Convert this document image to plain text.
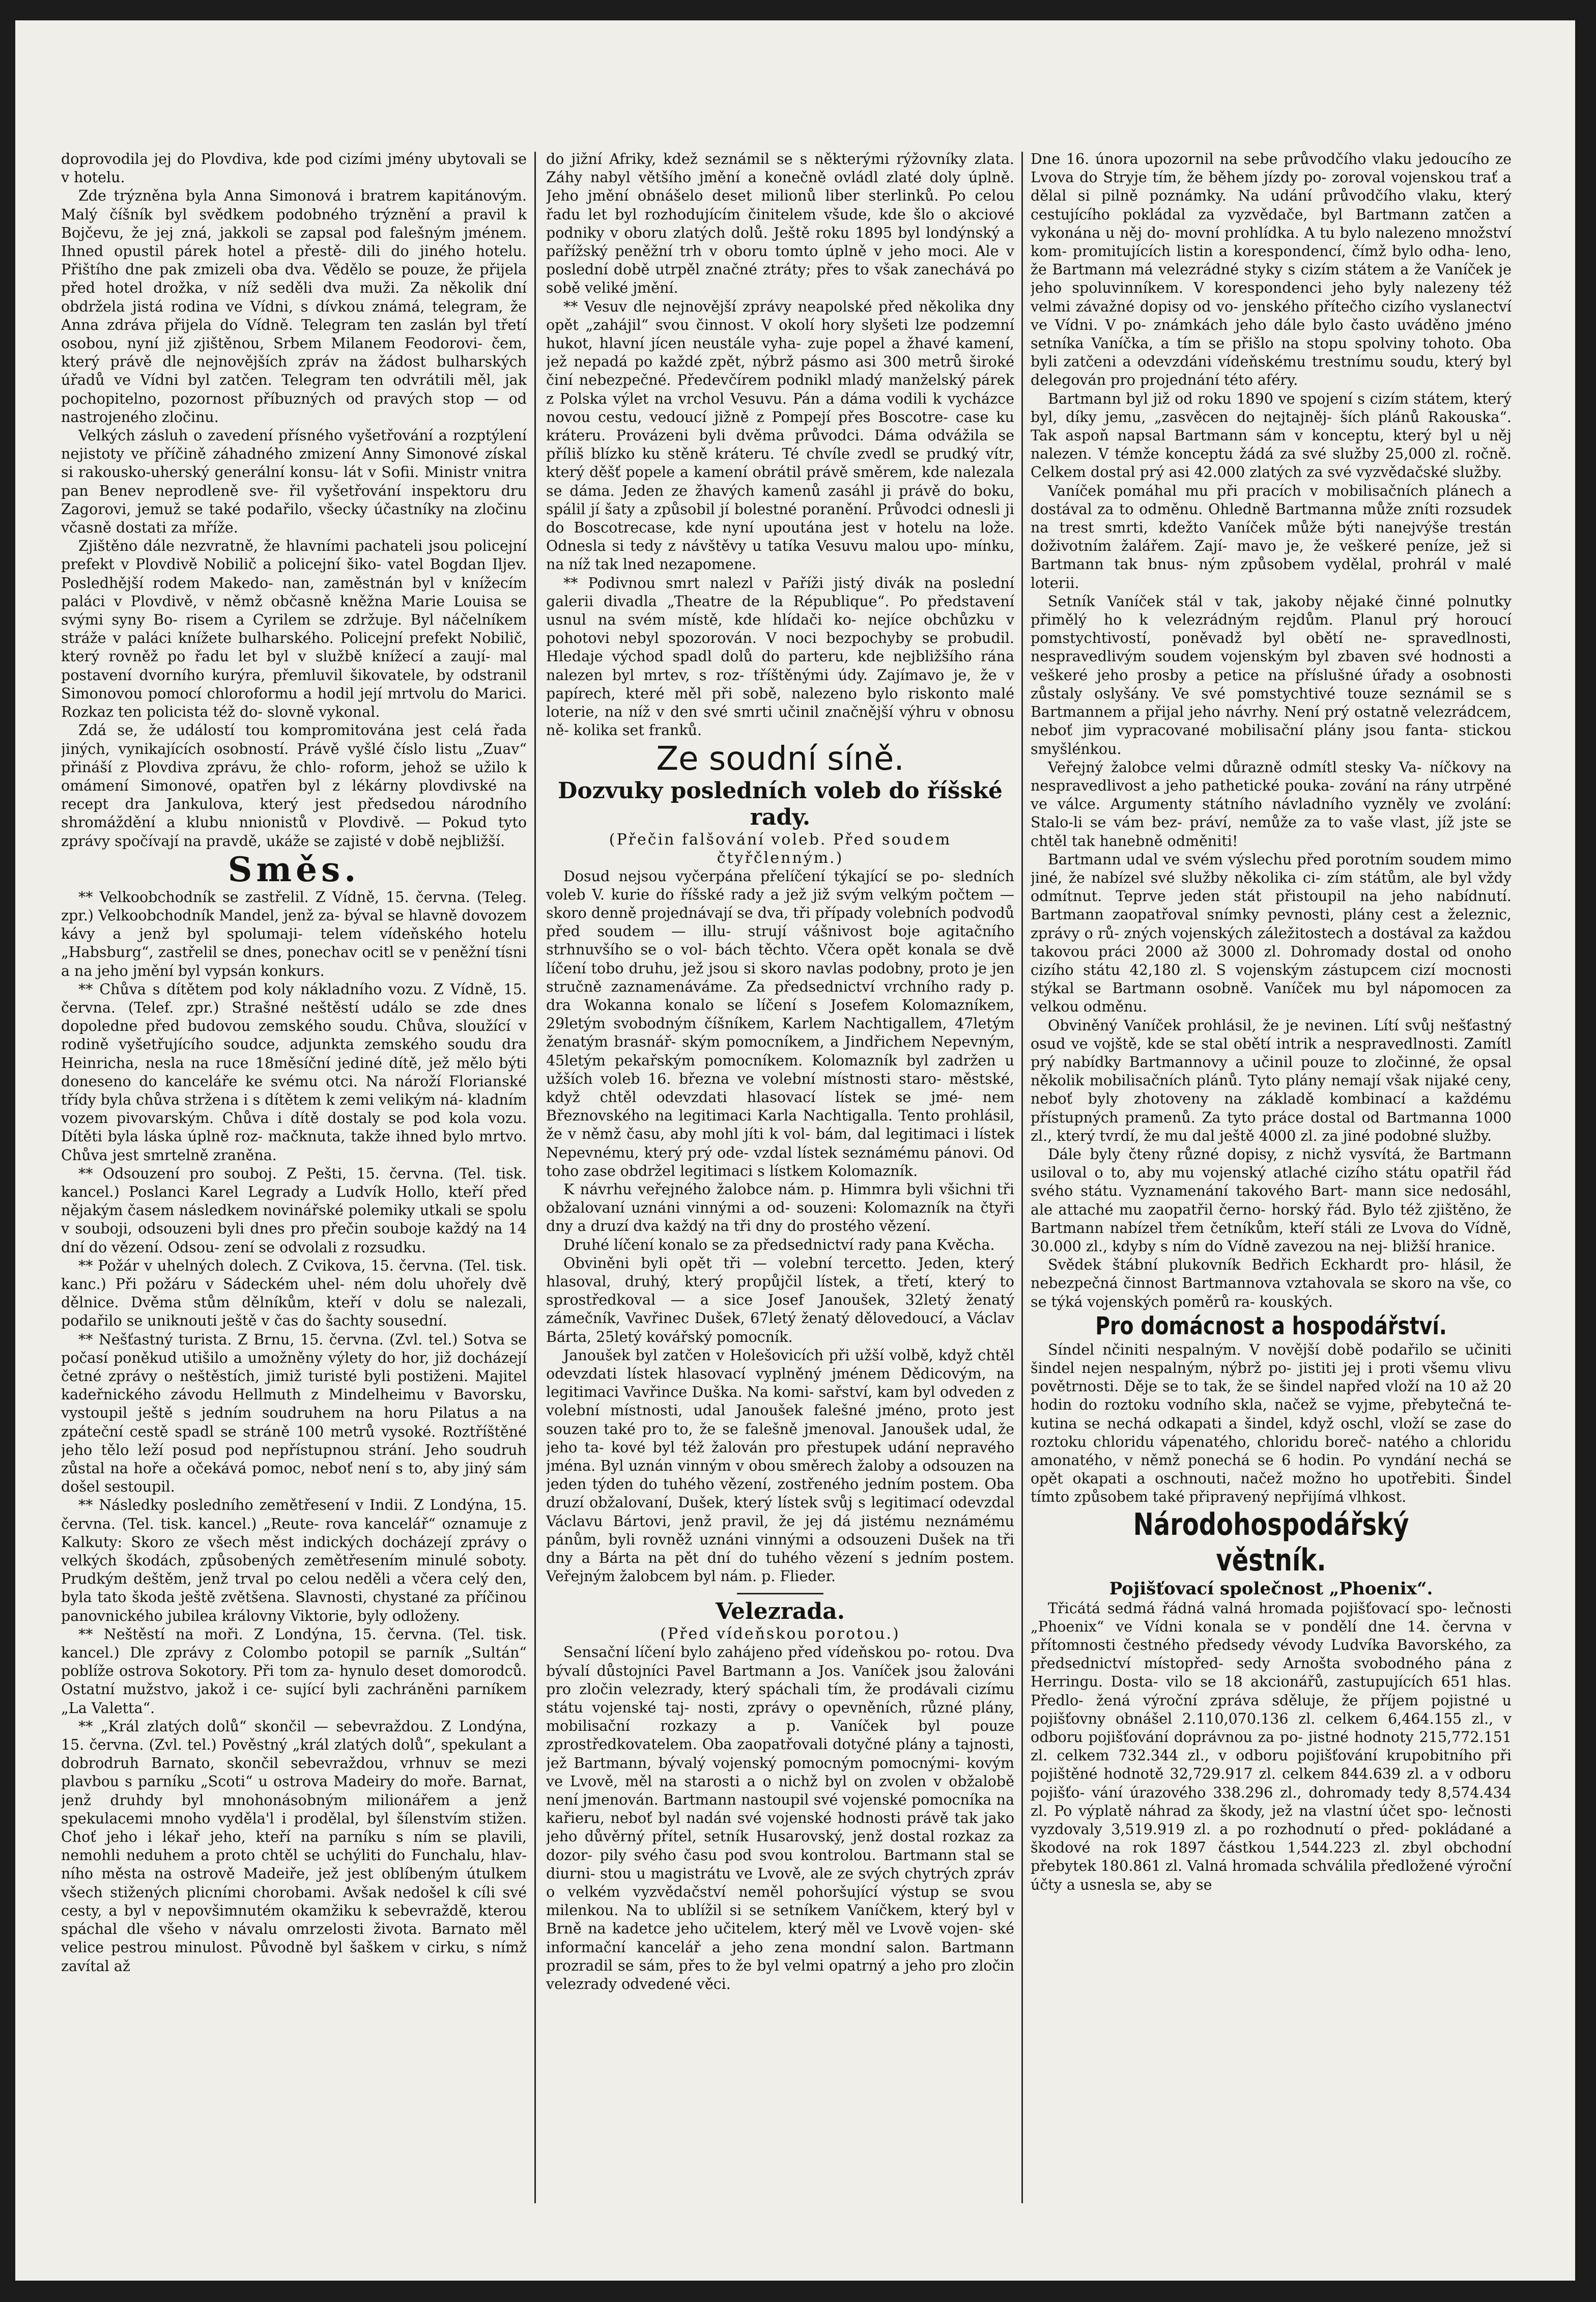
doprovodila jej do Plovdiva, kde pod cizími jmény ubytovali se v hotelu.

Zde trýzněna byla Anna Simonová i bratrem kapitánovým. Malý číšník byl svědkem podobného trýznění a pravil k Bojčevu, že jej zná, jakkoli se zapsal pod falešným jménem. Ihned opustil párek hotel a přestě- dili do jiného hotelu. Přištího dne pak zmizeli oba dva. Vědělo se pouze, že přijela před hotel drožka, v níž seděli dva muži. Za několik dní obdržela jistá rodina ve Vídni, s dívkou známá, telegram, že Anna zdráva přijela do Vídně. Telegram ten zaslán byl třetí osobou, nyní již zjištěnou, Srbem Milanem Feodorovi- čem, který právě dle nejnovějších zpráv na žádost bulharských úřadů ve Vídni byl zatčen. Telegram ten odvrátili měl, jak pochopitelno, pozornost příbuzných od pravých stop — od nastrojeného zločinu.

Velkých zásluh o zavedení přísného vyšetřování a rozptýlení nejistoty ve příčině záhadného zmizení Anny Simonové získal si rakousko-uherský generální konsu- lát v Sofii. Ministr vnitra pan Benev neprodleně sve- řil vyšetřování inspektoru dru Zagorovi, jemuž se také podařilo, všecky účastníky na zločinu včasně dostati za mříže.

Zjištěno dále nezvratně, že hlavními pachateli jsou policejní prefekt v Plovdivě Nobilič a policejní šiko- vatel Bogdan Iljev. Posledhější rodem Makedo- nan, zaměstnán byl v knížecím paláci v Plovdivě, v němž občasně kněžna Marie Louisa se svými syny Bo- risem a Cyrilem se zdržuje. Byl náčelníkem stráže v paláci knížete bulharského. Policejní prefekt Nobilič, který rovněž po řadu let byl v službě knížecí a zaují- mal postavení dvorního kurýra, přemluvil šikovatele, by odstranil Simonovou pomocí chloroformu a hodil její mrtvolu do Marici. Rozkaz ten policista též do- slovně vykonal.

Zdá se, že událostí tou kompromitována jest celá řada jiných, vynikajících osobností. Právě vyšlé číslo listu „Zuav“ přináší z Plovdiva zprávu, že chlo- roform, jehož se užilo k omámení Simonové, opatřen byl z lékárny plovdivské na recept dra Jankulova, který jest předsedou národního shromáždění a klubu nnionistů v Plovdivě. — Pokud tyto zprávy spočívají na pravdě, ukáže se zajisté v době nejbližší.

Směs.

** Velkoobchodník se zastřelil. Z Vídně, 15. června. (Teleg. zpr.) Velkoobchodník Mandel, jenž za- býval se hlavně dovozem kávy a jenž byl spolumaji- telem vídeňského hotelu „Habsburg“, zastřelil se dnes, ponechav ocitl se v peněžní tísni a na jeho jmění byl vypsán konkurs.

** Chůva s dítětem pod koly nákladního vozu. Z Vídně, 15. června. (Telef. zpr.) Strašné neštěstí událo se zde dnes dopoledne před budovou zemského soudu. Chůva, sloužící v rodině vyšetřujícího soudce, adjunkta zemského soudu dra Heinricha, nesla na ruce 18měsíční jediné dítě, jež mělo býti doneseno do kanceláře ke svému otci. Na nároží Florianské třídy byla chůva stržena i s dítětem k zemi velikým ná- kladním vozem pivovarským. Chůva i dítě dostaly se pod kola vozu. Dítěti byla láska úplně roz- mačknuta, takže ihned bylo mrtvo. Chůva jest smrtelně zraněna.

** Odsouzení pro souboj. Z Pešti, 15. června. (Tel. tisk. kancel.) Poslanci Karel Legrady a Ludvík Hollo, kteří před nějakým časem následkem novinářské polemiky utkali se spolu v souboji, odsouzeni byli dnes pro přečin souboje každý na 14 dní do vězení. Odsou- zení se odvolali z rozsudku.

** Požár v uhelných dolech. Z Cvikova, 15. června. (Tel. tisk. kanc.) Při požáru v Sádeckém uhel- ném dolu uhořely dvě dělnice. Dvěma stům dělníkům, kteří v dolu se nalezali, podařilo se uniknouti ještě v čas do šachty sousední.

** Nešťastný turista. Z Brnu, 15. června. (Zvl. tel.) Sotva se počasí poněkud utišilo a umožněny výlety do hor, již docházejí četné zprávy o neštěstích, jimiž turisté byli postiženi. Majitel kadeřnického závodu Hellmuth z Mindelheimu v Bavorsku, vystoupil ještě s jedním soudruhem na horu Pilatus a na zpáteční cestě spadl se stráně 100 metrů vysoké. Roztříštěné jeho tělo leží posud pod nepřístupnou strání. Jeho soudruh zůstal na hoře a očekává pomoc, neboť není s to, aby jiný sám došel sestoupil.

** Následky posledního zemětřesení v Indii. Z Londýna, 15. června. (Tel. tisk. kancel.) „Reute- rova kancelář“ oznamuje z Kalkuty: Skoro ze všech měst indických docházejí zprávy o velkých škodách, způsobených zemětřesením minulé soboty. Prudkým deštěm, jenž trval po celou neděli a včera celý den, byla tato škoda ještě zvětšena. Slavnosti, chystané za příčinou panovnického jubilea královny Viktorie, byly odloženy.

** Neštěstí na moři. Z Londýna, 15. června. (Tel. tisk. kancel.) Dle zprávy z Colombo potopil se parník „Sultán“ poblíže ostrova Sokotory. Při tom za- hynulo deset domorodců. Ostatní mužstvo, jakož i ce- sující byli zachráněni parníkem „La Valetta“.

** „Král zlatých dolů“ skončil — sebevraždou. Z Londýna, 15. června. (Zvl. tel.) Pověstný „král zlatých dolů“, spekulant a dobrodruh Barnato, skončil sebevraždou, vrhnuv se mezi plavbou s parníku „Scoti“ u ostrova Madeiry do moře. Barnat, jenž druhdy byl mnohonásobným milionářem a jenž spekulacemi mnoho vyděla'l i prodělal, byl šílenstvím stižen. Choť jeho i lékař jeho, kteří na parníku s ním se plavili, nemohli neduhem a proto chtěl se uchýliti do Funchalu, hlav- ního města na ostrově Madeiře, jež jest oblíbeným útulkem všech stižených plicními chorobami. Avšak nedošel k cíli své cesty, a byl v nepovšimnutém okamžiku k sebevraždě, kterou spáchal dle všeho v návalu omrzelosti života. Barnato měl velice pestrou minulost. Původně byl šaškem v cirku, s nímž zavítal až

do jižní Afriky, kdež seznámil se s některými rýžovníky zlata. Záhy nabyl většího jmění a konečně ovládl zlaté doly úplně. Jeho jmění obnášelo deset milionů liber sterlinků. Po celou řadu let byl rozhodujícím činitelem všude, kde šlo o akciové podniky v oboru zlatých dolů. Ještě roku 1895 byl londýnský a pařížský peněžní trh v oboru tomto úplně v jeho moci. Ale v poslední době utrpěl značné ztráty; přes to však zanechává po sobě veliké jmění.

** Vesuv dle nejnovější zprávy neapolské před několika dny opět „zahájil“ svou činnost. V okolí hory slyšeti lze podzemní hukot, hlavní jícen neustále vyha- zuje popel a žhavé kamení, jež nepadá po každé zpět, nýbrž pásmo asi 300 metrů široké činí nebezpečné. Předevčírem podnikl mladý manželský párek z Polska výlet na vrchol Vesuvu. Pán a dáma vodili k vycházce novou cestu, vedoucí jižně z Pompejí přes Boscotre- case ku kráteru. Provázeni byli dvěma průvodci. Dáma odvážila se příliš blízko ku stěně kráteru. Té chvíle zvedl se prudký vítr, který děšť popele a kamení obrátil právě směrem, kde nalezala se dáma. Jeden ze žhavých kamenů zasáhl ji právě do boku, spálil jí šaty a způsobil jí bolestné poranění. Průvodci odnesli ji do Boscotrecase, kde nyní upoutána jest v hotelu na lože. Odnesla si tedy z návštěvy u tatíka Vesuvu malou upo- mínku, na níž tak lned nezapomene.

** Podivnou smrt nalezl v Paříži jistý divák na poslední galerii divadla „Theatre de la République“. Po představení usnul na svém místě, kde hlídači ko- nejíce obchůzku v pohotovi nebyl spozorován. V noci bezpochyby se probudil. Hledaje východ spadl dolů do parteru, kde nejbližšího rána nalezen byl mrtev, s roz- tříštěnými údy. Zajímavo je, že v papírech, které měl při sobě, nalezeno bylo riskonto malé loterie, na níž v den své smrti učinil značnější výhru v obnosu ně- kolika set franků.

Ze soudní síně.

Dozvuky posledních voleb do říšské rady.

(Přečin falšování voleb. Před soudem čtyřčlenným.)

Dosud nejsou vyčerpána přelíčení týkající se po- sledních voleb V. kurie do říšské rady a jež již svým velkým počtem — skoro denně projednávají se dva, tři případy volebních podvodů před soudem — illu- strují vášnivost boje agitačního strhnuvšího se o vol- bách těchto. Včera opět konala se dvě líčení tobo druhu, jež jsou si skoro navlas podobny, proto je jen stručně zaznamenáváme. Za předsednictví vrchního rady p. dra Wokanna konalo se líčení s Josefem Kolomazníkem, 29letým svobodným číšníkem, Karlem Nachtigallem, 47letým ženatým brasnář- ským pomocníkem, a Jindřichem Nepevným, 45letým pekařským pomocníkem. Kolomazník byl zadržen u užších voleb 16. března ve volební místnosti staro- městské, když chtěl odevzdati hlasovací lístek se jmé- nem Březnovského na legitimaci Karla Nachtigalla. Tento prohlásil, že v němž času, aby mohl jíti k vol- bám, dal legitimaci i lístek Nepevnému, který prý ode- vzdal lístek seznámému pánovi. Od toho zase obdržel legitimaci s lístkem Kolomazník.

K návrhu veřejného žalobce nám. p. Himmra byli všichni tři obžalovaní uznáni vinnými a od- souzeni: Kolomazník na čtyři dny a druzí dva každý na tři dny do prostého vězení.

Druhé líčení konalo se za předsednictví rady pana Kvěcha.

Obviněni byli opět tři — volební tercetto. Jeden, který hlasoval, druhý, který propůjčil lístek, a třetí, který to sprostředkoval — a sice Josef Janoušek, 32letý ženatý zámečník, Vavřinec Dušek, 67letý ženatý dělovedoucí, a Václav Bárta, 25letý kovářský pomocník.

Janoušek byl zatčen v Holešovicích při užší volbě, když chtěl odevzdati lístek hlasovací vyplněný jménem Dědicovým, na legitimaci Vavřince Duška. Na komi- sařství, kam byl odveden z volební místnosti, udal Janoušek falešné jméno, proto jest souzen také pro to, že se falešně jmenoval. Janoušek udal, že jeho ta- kové byl též žalován pro přestupek udání nepravého jména. Byl uznán vinným v obou směrech žaloby a odsouzen na jeden týden do tuhého vězení, zostřeného jedním postem. Oba druzí obžalovaní, Dušek, který lístek svůj s legitimací odevzdal Václavu Bártovi, jenž pravil, že jej dá jistému neznámému pánům, byli rovněž uznáni vinnými a odsouzeni Dušek na tři dny a Bárta na pět dní do tuhého vězení s jedním postem. Veřejným žalobcem byl nám. p. Flieder.

Velezrada.

(Před vídeňskou porotou.)

Sensační líčení bylo zahájeno před vídeňskou po- rotou. Dva bývalí důstojníci Pavel Bartmann a Jos. Vaníček jsou žalováni pro zločin velezrady, který spáchali tím, že prodávali cizímu státu vojenské taj- nosti, zprávy o opevněních, různé plány, mobilisační rozkazy a p. Vaníček byl pouze zprostředkovatelem. Oba zaopatřovali dotyčné plány a tajnosti, jež Bartmann, bývalý vojenský pomocným pomocnými- kovým ve Lvově, měl na starosti a o nichž byl on zvolen v obžalobě není jmenován. Bartmann nastoupil své vojenské pomocníka na kařieru, neboť byl nadán své vojenské hodnosti právě tak jako jeho důvěrný přítel, setník Husarovský, jenž dostal rozkaz za dozor- pily svého času pod svou kontrolou. Bartmann stal se diurni- stou u magistrátu ve Lvově, ale ze svých chytrých zpráv o velkém vyzvědačství neměl pohoršující výstup se svou milenkou. Na to ublížil si se setníkem Vaníčkem, který byl v Brně na kadetce jeho učitelem, který měl ve Lvově vojen- ské informační kancelář a jeho zena mondní salon. Bartmann prozradil se sám, přes to že byl velmi opatrný a jeho pro zločin velezrady odvedené věci.

Dne 16. února upozornil na sebe průvodčího vlaku jedoucího ze Lvova do Stryje tím, že během jízdy po- zoroval vojenskou trať a dělal si pilně poznámky. Na udání průvodčího vlaku, který cestujícího pokládal za vyzvědače, byl Bartmann zatčen a vykonána u něj do- movní prohlídka. A tu bylo nalezeno množství kom- promitujících listin a korespondencí, čímž bylo odha- leno, že Bartmann má velezrádné styky s cizím státem a že Vaníček je jeho spoluvinníkem. V korespondenci jeho byly nalezeny též velmi závažné dopisy od vo- jenského přítečho cizího vyslanectví ve Vídni. V po- známkách jeho dále bylo často uváděno jméno setníka Vaníčka, a tím se přišlo na stopu spolviny tohoto. Oba byli zatčeni a odevzdáni vídeňskému trestnímu soudu, který byl delegován pro projednání této aféry.

Bartmann byl již od roku 1890 ve spojení s cizím státem, který byl, díky jemu, „zasvěcen do nejtajněj- ších plánů Rakouska“. Tak aspoň napsal Bartmann sám v konceptu, který byl u něj nalezen. V témže konceptu žádá za své služby 25,000 zl. ročně. Celkem dostal prý asi 42.000 zlatých za své vyzvědačské služby.

Vaníček pomáhal mu při pracích v mobilisačních plánech a dostával za to odměnu. Ohledně Bartmanna může zníti rozsudek na trest smrti, kdežto Vaníček může býti nanejvýše trestán doživotním žalářem. Zají- mavo je, že veškeré peníze, jež si Bartmann tak bnus- ným způsobem vydělal, prohrál v malé loterii.

Setník Vaníček stál v tak, jakoby nějaké činné polnutky přimělý ho k velezrádným rejdům. Planul prý horoucí pomstychtivostí, poněvadž byl obětí ne- spravedlnosti, nespravedlivým soudem vojenským byl zbaven své hodnosti a veškeré jeho prosby a petice na příslušné úřady a osobnosti zůstaly oslyšány. Ve své pomstychtivé touze seznámil se s Bartmannem a přijal jeho návrhy. Není prý ostatně velezrádcem, neboť jim vypracované mobilisační plány jsou fanta- stickou smyšlénkou.

Veřejný žalobce velmi důrazně odmítl stesky Va- níčkovy na nespravedlivost a jeho pathetické pouka- zování na rány utrpěné ve válce. Argumenty státního návladního vyzněly ve zvolání: Stalo-li se vám bez- práví, nemůže za to vaše vlast, jíž jste se chtěl tak hanebně odměniti!

Bartmann udal ve svém výslechu před porotním soudem mimo jiné, že nabízel své služby několika ci- zím státům, ale byl vždy odmítnut. Teprve jeden stát přistoupil na jeho nabídnutí. Bartmann zaopatřoval snímky pevnosti, plány cest a železnic, zprávy o rů- zných vojenských záležitostech a dostával za každou takovou práci 2000 až 3000 zl. Dohromady dostal od onoho cizího státu 42,180 zl. S vojenským zástupcem cizí mocnosti stýkal se Bartmann osobně. Vaníček mu byl nápomocen za velkou odměnu.

Obviněný Vaníček prohlásil, že je nevinen. Lítí svůj nešťastný osud ve vojště, kde se stal obětí intrik a nespravedlnosti. Zamítl prý nabídky Bartmannovy a učinil pouze to zločinné, že opsal několik mobilisačních plánů. Tyto plány nemají však nijaké ceny, neboť byly zhotoveny na základě kombinací a každému přístupných pramenů. Za tyto práce dostal od Bartmanna 1000 zl., který tvrdí, že mu dal ještě 4000 zl. za jiné podobné služby.

Dále byly čteny různé dopisy, z nichž vysvítá, že Bartmann usiloval o to, aby mu vojenský atlaché cizího státu opatřil řád svého státu. Vyznamenání takového Bart- mann sice nedosáhl, ale attaché mu zaopatřil černo- horský řád. Bylo též zjištěno, že Bartmann nabízel třem četníkům, kteří stáli ze Lvova do Vídně, 30.000 zl., kdyby s ním do Vídně zavezou na nej- bližší hranice.

Svědek štábní plukovník Bedřich Eckhardt pro- hlásil, že nebezpečná činnost Bartmannova vztahovala se skoro na vše, co se týká vojenských poměrů ra- kouských.

Pro domácnost a hospodářství.

Síndel nčiniti nespalným. V novější době podařilo se učiniti šindel nejen nespalným, nýbrž po- jistiti jej i proti všemu vlivu povětrnosti. Děje se to tak, že se šindel napřed vloží na 10 až 20 hodin do roztoku vodního skla, načež se vyjme, přebytečná te- kutina se nechá odkapati a šindel, když oschl, vloží se zase do roztoku chloridu vápenatého, chloridu boreč- natého a chloridu amonatého, v němž ponechá se 6 hodin. Po vyndání nechá se opět okapati a oschnouti, načež možno ho upotřebiti. Šindel tímto způsobem také připravený nepřijímá vlhkost.

Národohospodářský věstník.

Pojišťovací společnost „Phoenix“.

Třicátá sedmá řádná valná hromada pojišťovací spo- lečnosti „Phoenix“ ve Vídni konala se v pondělí dne 14. června v přítomnosti čestného předsedy vévody Ludvíka Bavorského, za předsednictví místopřed- sedy Arnošta svobodného pána z Herringu. Dosta- vilo se 18 akcionářů, zastupujících 651 hlas. Předlo- žená výroční zpráva sděluje, že příjem pojistné u pojišťovny obnášel 2.110,070.136 zl. celkem 6,464.155 zl., v odboru pojišťování doprávnou za po- jistné hodnoty 215,772.151 zl. celkem 732.344 zl., v odboru pojišťování krupobitního při pojištěné hodnotě 32,729.917 zl. celkem 844.639 zl. a v odboru pojišťo- vání úrazového 338.296 zl., dohromady tedy 8,574.434 zl. Po výplatě náhrad za škody, jež na vlastní účet spo- lečnosti vyzdovaly 3,519.919 zl. a po rozhodnutí o před- pokládané a škodové na rok 1897 částkou 1,544.223 zl. zbyl obchodní přebytek 180.861 zl. Valná hromada schválila předložené výroční účty a usnesla se, aby se
